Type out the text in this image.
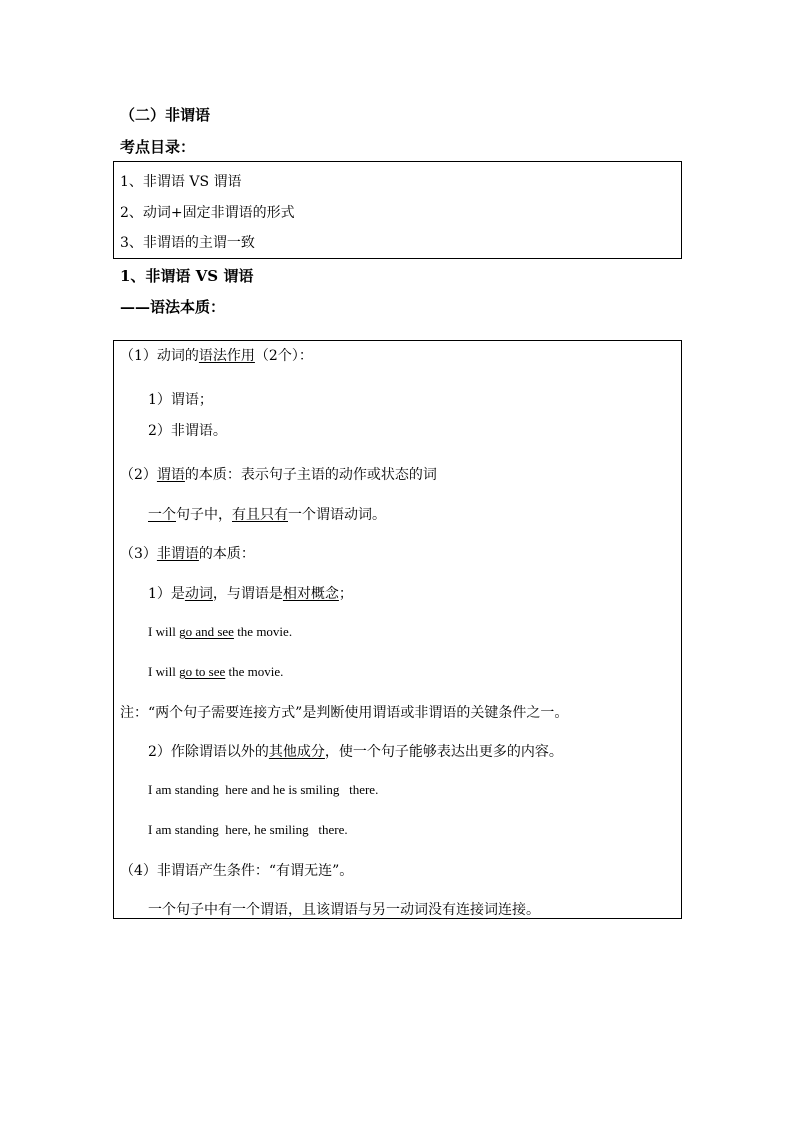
（二）非谓语
考点目录：
1、非谓语 VS 谓语
2、动词+固定非谓语的形式
3、非谓语的主谓一致
1、非谓语 VS 谓语
——语法本质：
（1）动词的语法作用（2个）：
1）谓语；
2）非谓语。
（2）谓语的本质：表示句子主语的动作或状态的词
一个句子中，有且只有一个谓语动词。
（3）非谓语的本质：
1）是动词，与谓语是相对概念；
I will go and see the movie.
I will go to see the movie.
注：“两个句子需要连接方式”是判断使用谓语或非谓语的关键条件之一。
2）作除谓语以外的其他成分，使一个句子能够表达出更多的内容。
I am standing  here and he is smiling   there.
I am standing  here, he smiling   there.
（4）非谓语产生条件：“有谓无连”。
一个句子中有一个谓语，且该谓语与另一动词没有连接词连接。
